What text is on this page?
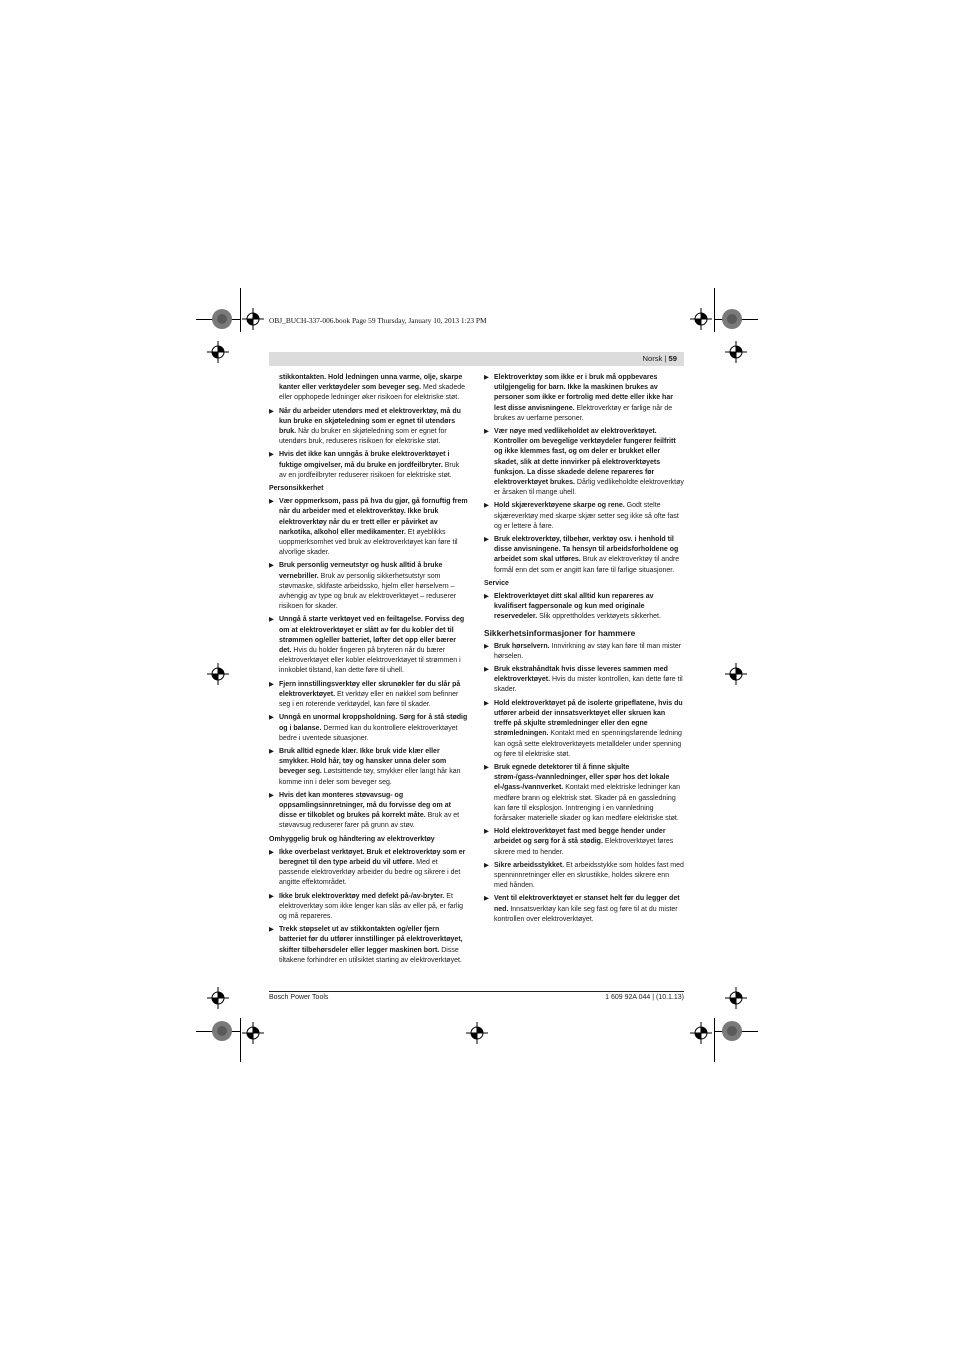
OBJ_BUCH-337-006.book Page 59 Thursday, January 10, 2013 1:23 PM
Norsk | 59

stikkontakten. Hold ledningen unna varme, olje, skarpe kanter eller verktøydeler som beveger seg. Med skadede eller opphopede ledninger øker risikoen for elektriske støt.

▶ Når du arbeider utendørs med et elektroverktøy, må du kun bruke en skjøteledning som er egnet til utendørs bruk. Når du bruker en skjøteledning som er egnet for utendørs bruk, reduseres risikoen for elektriske støt.
▶ Hvis det ikke kan unngås å bruke elektroverktøyet i fuktige omgivelser, må du bruke en jordfeilbryter. Bruk av en jordfeilbryter reduserer risikoen for elektriske støt.
Personsikkerhet
▶ Vær oppmerksom, pass på hva du gjør, gå fornuftig frem når du arbeider med et elektroverktøy. Ikke bruk elektroverktøy når du er trett eller er påvirket av narkotika, alkohol eller medikamenter. Et øyeblikks uoppmerksomhet ved bruk av elektroverktøyet kan føre til alvorlige skader.
▶ Bruk personlig verneutstyr og husk alltid å bruke vernebriller. Bruk av personlig sikkerhetsutstyr som støvmaske, sklifaste arbeidssko, hjelm eller hørselvern – avhengig av type og bruk av elektroverktøyet – reduserer risikoen for skader.
▶ Unngå å starte verktøyet ved en feiltagelse. Forviss deg om at elektroverktøyet er slått av før du kobler det til strømmen og/eller batteriet, løfter det opp eller bærer det. Hvis du holder fingeren på bryteren når du bærer elektroverktøyet eller kobler elektroverktøyet til strømmen i innkoblet tilstand, kan dette føre til uhell.
▶ Fjern innstillingsverktøy eller skrunøkler før du slår på elektroverktøyet. Et verktøy eller en nøkkel som befinner seg i en roterende verktøydel, kan føre til skader.
▶ Unngå en unormal kroppsholdning. Sørg for å stå stødig og i balanse. Dermed kan du kontrollere elektroverktøyet bedre i uventede situasjoner.
▶ Bruk alltid egnede klær. Ikke bruk vide klær eller smykker. Hold hår, tøy og hansker unna deler som beveger seg. Løstsittende tøy, smykker eller langt hår kan komme inn i deler som beveger seg.
▶ Hvis det kan monteres støvavsug- og oppsamlingsinnretninger, må du forvisse deg om at disse er tilkoblet og brukes på korrekt måte. Bruk av et støvavsug reduserer farer på grunn av støv.
Omhyggelig bruk og håndtering av elektroverktøy
▶ Ikke overbelast verktøyet. Bruk et elektroverktøy som er beregnet til den type arbeid du vil utføre. Med et passende elektroverktøy arbeider du bedre og sikrere i det angitte effektområdet.
▶ Ikke bruk elektroverktøy med defekt på-/av-bryter. Et elektroverktøy som ikke lenger kan slås av eller på, er farlig og må repareres.
▶ Trekk støpselet ut av stikkontakten og/eller fjern batteriet før du utfører innstillinger på elektroverktøyet, skifter tilbehørsdeler eller legger maskinen bort. Disse tiltakene forhindrer en utilsiktet starting av elektroverktøyet.
▶ Elektroverktøy som ikke er i bruk må oppbevares utilgjengelig for barn. Ikke la maskinen brukes av personer som ikke er fortrolig med dette eller ikke har lest disse anvisningene. Elektroverktøy er farlige når de brukes av uerfarne personer.
▶ Vær nøye med vedlikeholdet av elektroverktøyet. Kontroller om bevegelige verktøydeler fungerer feilfritt og ikke klemmes fast, og om deler er brukket eller skadet, slik at dette innvirker på elektroverktøyets funksjon. La disse skadede delene repareres før elektroverktøyet brukes. Dårlig vedlikeholdte elektroverktøy er årsaken til mange uhell.
▶ Hold skjæreverktøyene skarpe og rene. Godt stelte skjæreverktøy med skarpe skjær setter seg ikke så ofte fast og er lettere å føre.
▶ Bruk elektroverktøy, tilbehør, verktøy osv. i henhold til disse anvisningene. Ta hensyn til arbeidsforholdene og arbeidet som skal utføres. Bruk av elektroverktøy til andre formål enn det som er angitt kan føre til farlige situasjoner.
Service
▶ Elektroverktøyet ditt skal alltid kun repareres av kvalifisert fagpersonale og kun med originale reservedeler. Slik opprettholdes verktøyets sikkerhet.
Sikkerhetsinformasjoner for hammere
▶ Bruk hørselvern. Innvirkning av støy kan føre til man mister hørselen.
▶ Bruk ekstrahåndtak hvis disse leveres sammen med elektroverktøyet. Hvis du mister kontrollen, kan dette føre til skader.
▶ Hold elektroverktøyet på de isolerte gripeflatene, hvis du utfører arbeid der innsatsverktøyet eller skruen kan treffe på skjulte strømledninger eller den egne strømledningen. Kontakt med en spenningsførende ledning kan også sette elektroverktøyets metalldeler under spenning og føre til elektriske støt.
▶ Bruk egnede detektorer til å finne skjulte strøm-/gass-/vannledninger, eller spør hos det lokale el-/gass-/vannverket. Kontakt med elektriske ledninger kan medføre brann og elektrisk støt. Skader på en gassledning kan føre til eksplosjon. Inntrenging i en vannledning forårsaker materielle skader og kan medføre elektriske støt.
▶ Hold elektroverktøyet fast med begge hender under arbeidet og sørg for å stå stødig. Elektroverktøyet føres sikrere med to hender.
▶ Sikre arbeidsstykket. Et arbeidsstykke som holdes fast med spenninnretninger eller en skrustikke, holdes sikrere enn med hånden.
▶ Vent til elektroverktøyet er stanset helt før du legger det ned. Innsatsverktøy kan kile seg fast og føre til at du mister kontrollen over elektroverktøyet.
Bosch Power Tools	1 609 92A 044 | (10.1.13)
